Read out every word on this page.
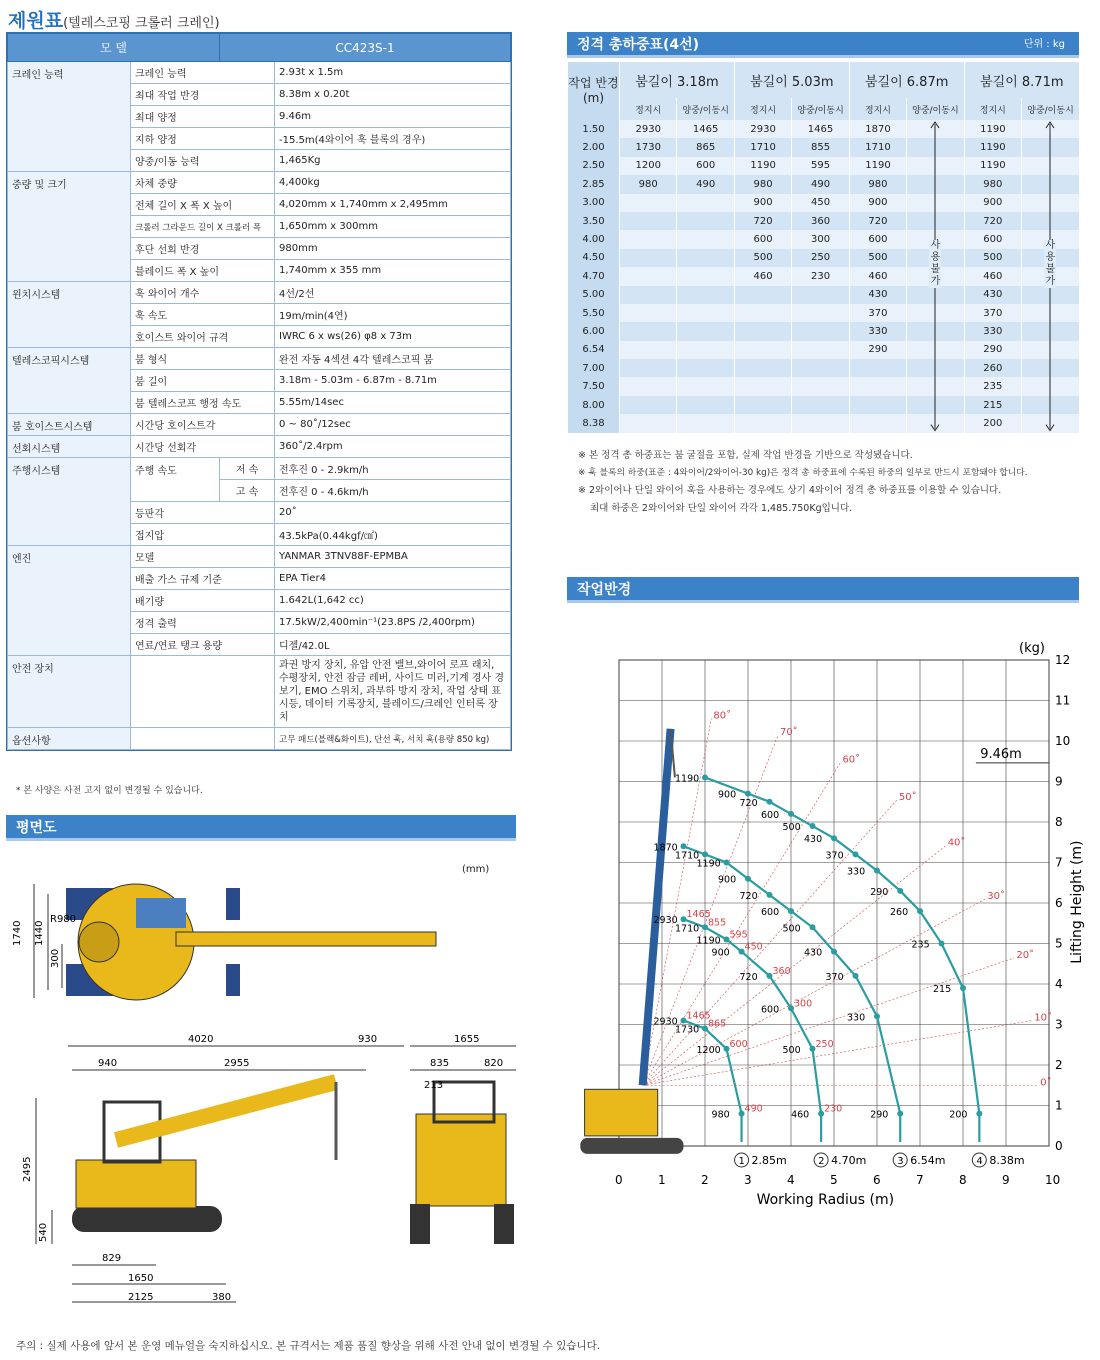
제원표(텔레스코핑 크롤러 크레인)
모 델		CC423S-1	
크레인 능력	크레인 능력		2.93t x 1.5m
	최대 작업 반경		8.38m x 0.20t
	최대 양정		9.46m
	지하 양정		-15.5m(4와이어 훅 블록의 경우)
	양중/이동 능력		1,465Kg
중량 및 크기	차체 중량		4,400kg
	전체 길이 X 폭 X 높이		4,020mm x 1,740mm x 2,495mm
	크롤러 그라운드 길이 X 크롤러 폭		1,650mm x 300mm
	후단 선회 반경		980mm
	블레이드 폭 X 높이		1,740mm x 355 mm
윈치시스템	훅 와이어 개수		4선/2선
	훅 속도		19m/min(4연)
	호이스트 와이어 규격		IWRC 6 x ws(26) φ8 x 73m
텔레스코픽시스템	붐 형식		완전 자동 4섹션 4각 텔레스코픽 붐
	붐 길이		3.18m - 5.03m - 6.87m - 8.71m
	붐 텔레스코프 행정 속도		5.55m/14sec
붐 호이스트시스템	시간당 호이스트각		0 ~ 80˚/12sec
선회시스템	시간당 선회각		360˚/2.4rpm
주행시스템	주행 속도	저 속	전후진 0 - 2.9km/h
		고 속	전후진 0 - 4.6km/h
	등판각		20˚
	접지압		43.5kPa(0.44kgf/㎠)
엔진	모델		YANMAR 3TNV88F-EPMBA
	배출 가스 규제 기준		EPA Tier4
	배기량		1.642L(1,642 cc)
	정격 출력		17.5kW/2,400min⁻¹(23.8PS /2,400rpm)
	연료/연료 탱크 용량		디젤/42.0L
안전 장치			과권 방지 장치, 유압 안전 밸브,와이어 로프 래치, 수평장치, 안전 잠금 레버, 사이드 미러,기계 경사 경보기, EMO 스위치, 과부하 방지 장치, 작업 상태 표시등, 데이터 기록장치, 블레이드/크레인 인터록 장치
옵션사항			고무 패드(블랙&화이트), 단선 훅, 서치 훅(용량 850 kg)
* 본 사양은 사전 고지 없이 변경될 수 있습니다.
정격 총하중표(4선)	단위 : kg
작업 반경 (m)	붐길이 3.18m		붐길이 5.03m		붐길이 6.87m		붐길이 8.71m	
	정지시	양중/이동시	정지시	양중/이동시	정지시	양중/이동시	정지시	양중/이동시
1.50	2930	1465	2930	1465	1870		1190	
2.00	1730	865	1710	855	1710		1190	
2.50	1200	600	1190	595	1190		1190	
2.85	980	490	980	490	980		980	
3.00			900	450	900		900	
3.50			720	360	720		720	
4.00			600	300	600		600	
4.50			500	250	500		500	
4.70			460	230	460		460	
5.00					430		430	
5.50					370		370	
6.00					330		330	
6.54					290		290	
7.00							260	
7.50							235	
8.00							215	
8.38							200	
※ 본 정격 총 하중표는 붐 굴절을 포함, 실제 작업 반경을 기반으로 작성됐습니다.
※ 훅 블록의 하중(표준 : 4와이어/2와이어-30 kg)은 정격 총 하중표에 수록된 하중의 일부로 반드시 포함돼야 합니다.
※ 2와이어나 단일 와이어 훅을 사용하는 경우에도 상기 4와이어 정격 총 하중표를 이용할 수 있습니다.
최대 하중은 2와이어와 단일 와이어 각각 1,485.750Kg입니다.
평면도
(mm)
1740 1440
300
R980
4020	930	1655
940	2955	835	820
213
2495
540
829
1650
2125	380
작업반경
0	1	2	3	4	5	6	7	8	9	10
0
1
2
3
4
5
6
7
8
9
10
11
12
Working Radius (m)
Lifting Height (m)
(kg)
9.46m
80˚
70˚
60˚
50˚
40˚
30˚
20˚
10˚
0˚
2930
1465
1730
865
1200
600
980
490
1 2.85m
2930
1465
1710
855
1190
595
900
450
720
360
600
300
500
250
460
230
2 4.70m
1870
1710
1190
900
720
600
500
430
370
330
290
3 6.54m
1190
900
720
600
500
430
370
330
290
260
235
215
200
4 8.38m
주의 : 실제 사용에 앞서 본 운영 메뉴얼을 숙지하십시오. 본 규격서는 제품 품질 향상을 위해 사전 안내 없이 변경될 수 있습니다.
사용불가
사용불가
